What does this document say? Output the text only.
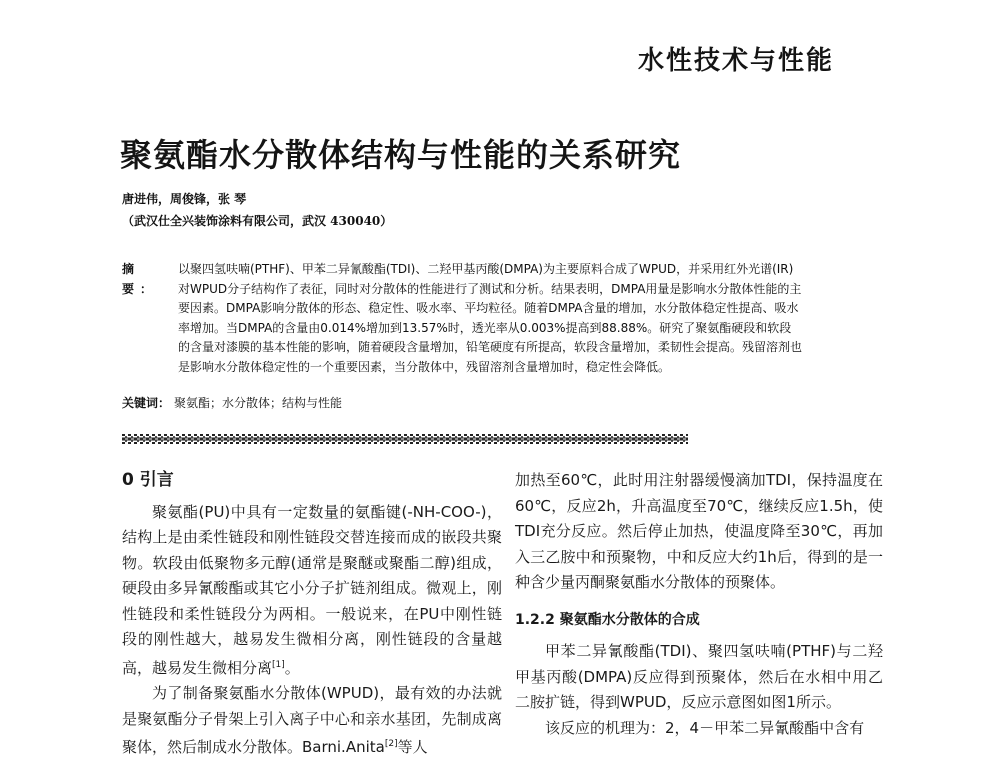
水性技术与性能
聚氨酯水分散体结构与性能的关系研究
唐进伟，周俊锋，张 琴
（武汉仕全兴装饰涂料有限公司，武汉 430040）
摘 要：
以聚四氢呋喃(PTHF)、甲苯二异氰酸酯(TDI)、二羟甲基丙酸(DMPA)为主要原料合成了WPUD，并采用红外光谱(IR)对WPUD分子结构作了表征，同时对分散体的性能进行了测试和分析。结果表明，DMPA用量是影响水分散体性能的主要因素。DMPA影响分散体的形态、稳定性、吸水率、平均粒径。随着DMPA含量的增加，水分散体稳定性提高、吸水率增加。当DMPA的含量由0.014%增加到13.57%时，透光率从0.003%提高到88.88%。研究了聚氨酯硬段和软段的含量对漆膜的基本性能的影响，随着硬段含量增加，铅笔硬度有所提高，软段含量增加，柔韧性会提高。残留溶剂也是影响水分散体稳定性的一个重要因素，当分散体中，残留溶剂含量增加时，稳定性会降低。
关键词： 聚氨酯；水分散体；结构与性能
0 引言

聚氨酯(PU)中具有一定数量的氨酯键(-NH-COO-)，结构上是由柔性链段和刚性链段交替连接而成的嵌段共聚物。软段由低聚物多元醇(通常是聚醚或聚酯二醇)组成，硬段由多异氰酸酯或其它小分子扩链剂组成。微观上，刚性链段和柔性链段分为两相。一般说来，在PU中刚性链段的刚性越大，越易发生微相分离，刚性链段的含量越高，越易发生微相分离[1]。

为了制备聚氨酯水分散体(WPUD)，最有效的办法就是聚氨酯分子骨架上引入离子中心和亲水基团，先制成离聚体，然后制成水分散体。Barni.Anita[2]等人

加热至60℃，此时用注射器缓慢滴加TDI，保持温度在60℃，反应2h，升高温度至70℃，继续反应1.5h，使TDI充分反应。然后停止加热，使温度降至30℃，再加入三乙胺中和预聚物，中和反应大约1h后，得到的是一种含少量丙酮聚氨酯水分散体的预聚体。

1.2.2 聚氨酯水分散体的合成

甲苯二异氰酸酯(TDI)、聚四氢呋喃(PTHF)与二羟甲基丙酸(DMPA)反应得到预聚体，然后在水相中用乙二胺扩链，得到WPUD，反应示意图如图1所示。

该反应的机理为：2，4－甲苯二异氰酸酯中含有
